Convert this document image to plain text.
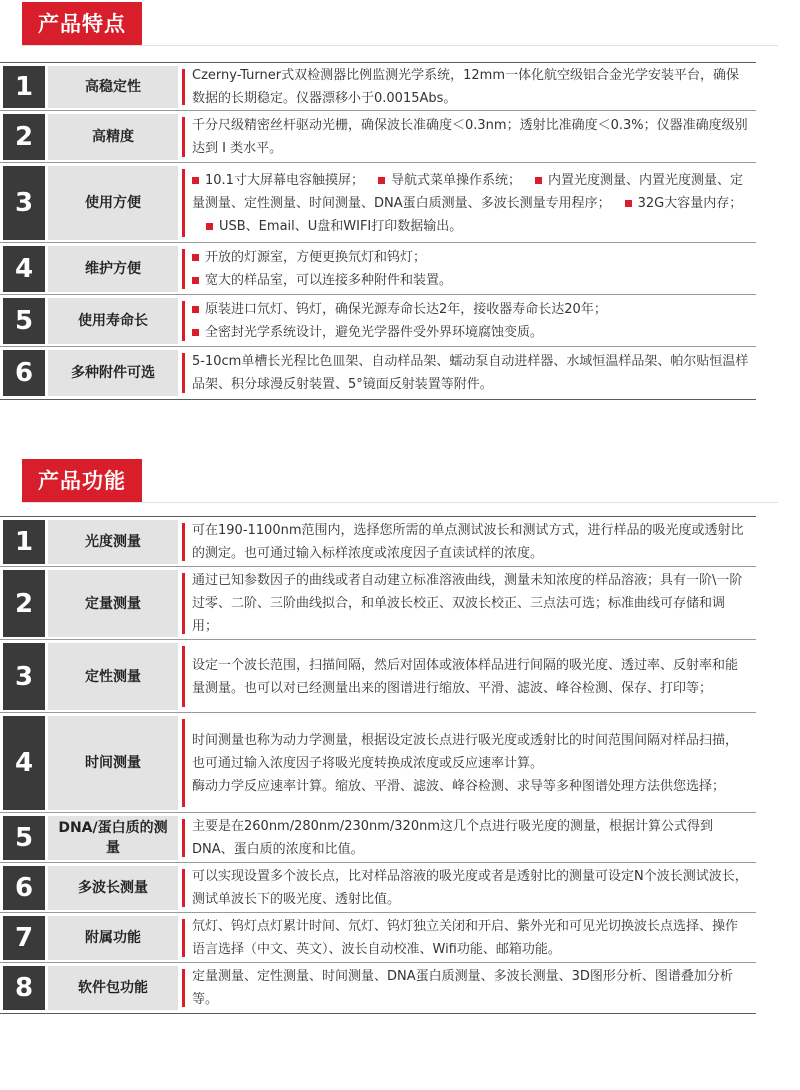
产品特点
1	高稳定性

Czerny-Turner式双检测器比例监测光学系统，12mm一体化航空级铝合金光学安装平台，确保数据的长期稳定。仪器漂移小于0.0015Abs。

2	高精度

千分尺级精密丝杆驱动光栅，确保波长准确度＜0.3nm；透射比准确度＜0.3%；仪器准确度级别达到 Ⅰ 类水平。

3	使用方便

10.1寸大屏幕电容触摸屏； 导航式菜单操作系统； 内置光度测量、内置光度测量、定量测量、定性测量、时间测量、DNA蛋白质测量、多波长测量专用程序； 32G大容量内存；USB、Email、U盘和WIFI打印数据输出。

4	维护方便

开放的灯源室，方便更换氘灯和钨灯；

宽大的样品室，可以连接多种附件和装置。

5	使用寿命长

原装进口氘灯、钨灯，确保光源寿命长达2年，接收器寿命长达20年；

全密封光学系统设计，避免光学器件受外界环境腐蚀变质。

6	多种附件可选

5-10cm单槽长光程比色皿架、自动样品架、蠕动泵自动进样器、水域恒温样品架、帕尔贴恒温样品架、积分球漫反射装置、5°镜面反射装置等附件。

产品功能
1	光度测量

可在190-1100nm范围内，选择您所需的单点测试波长和测试方式，进行样品的吸光度或透射比的测定。也可通过输入标样浓度或浓度因子直读试样的浓度。

2	定量测量

通过已知参数因子的曲线或者自动建立标准溶液曲线，测量未知浓度的样品溶液；具有一阶\一阶过零、二阶、三阶曲线拟合，和单波长校正、双波长校正、三点法可选；标准曲线可存储和调用；

3	定性测量

设定一个波长范围，扫描间隔，然后对固体或液体样品进行间隔的吸光度、透过率、反射率和能量测量。也可以对已经测量出来的图谱进行缩放、平滑、滤波、峰谷检测、保存、打印等；

4	时间测量

时间测量也称为动力学测量，根据设定波长点进行吸光度或透射比的时间范围间隔对样品扫描，也可通过输入浓度因子将吸光度转换成浓度或反应速率计算。

酶动力学反应速率计算。缩放、平滑、滤波、峰谷检测、求导等多种图谱处理方法供您选择；

5	DNA/蛋白质的测量

主要是在260nm/280nm/230nm/320nm这几个点进行吸光度的测量，根据计算公式得到DNA、蛋白质的浓度和比值。

6	多波长测量

可以实现设置多个波长点，比对样品溶液的吸光度或者是透射比的测量可设定N个波长测试波长，测试单波长下的吸光度、透射比值。

7	附属功能

氘灯、钨灯点灯累计时间、氘灯、钨灯独立关闭和开启、紫外光和可见光切换波长点选择、操作语言选择（中文、英文）、波长自动校准、Wifi功能、邮箱功能。

8	软件包功能

定量测量、定性测量、时间测量、DNA蛋白质测量、多波长测量、3D图形分析、图谱叠加分析等。
